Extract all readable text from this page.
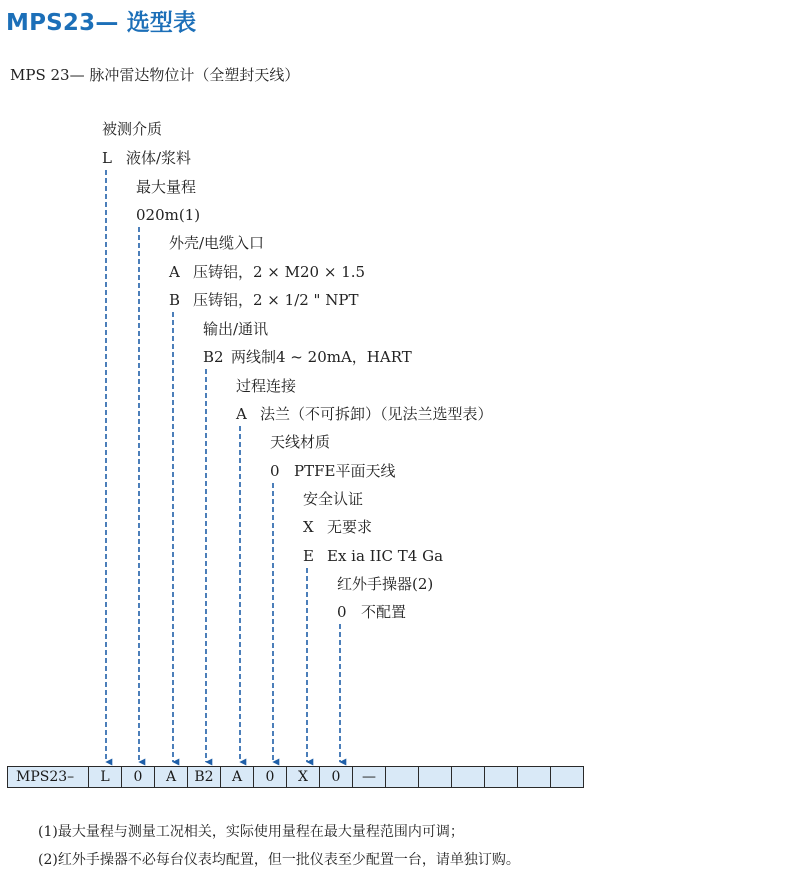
MPS23— 选型表
MPS 23— 脉冲雷达物位计（全塑封天线）
被测介质
L 液体/浆料
最大量程
020m(1)
外壳/电缆入口
A 压铸铝，2 × M20 × 1.5
B 压铸铝，2 × 1/2 " NPT
输出/通讯
B2 两线制4 ~ 20mA，HART
过程连接
A 法兰（不可拆卸）（见法兰选型表）
天线材质
0 PTFE平面天线
安全认证
X 无要求
E Ex ia IIC T4 Ga
红外手操器(2)
0 不配置
MPS23–	L	0	A	B2	A	0	X	0	—
(1)最大量程与测量工况相关，实际使用量程在最大量程范围内可调；
(2)红外手操器不必每台仪表均配置，但一批仪表至少配置一台，请单独订购。
